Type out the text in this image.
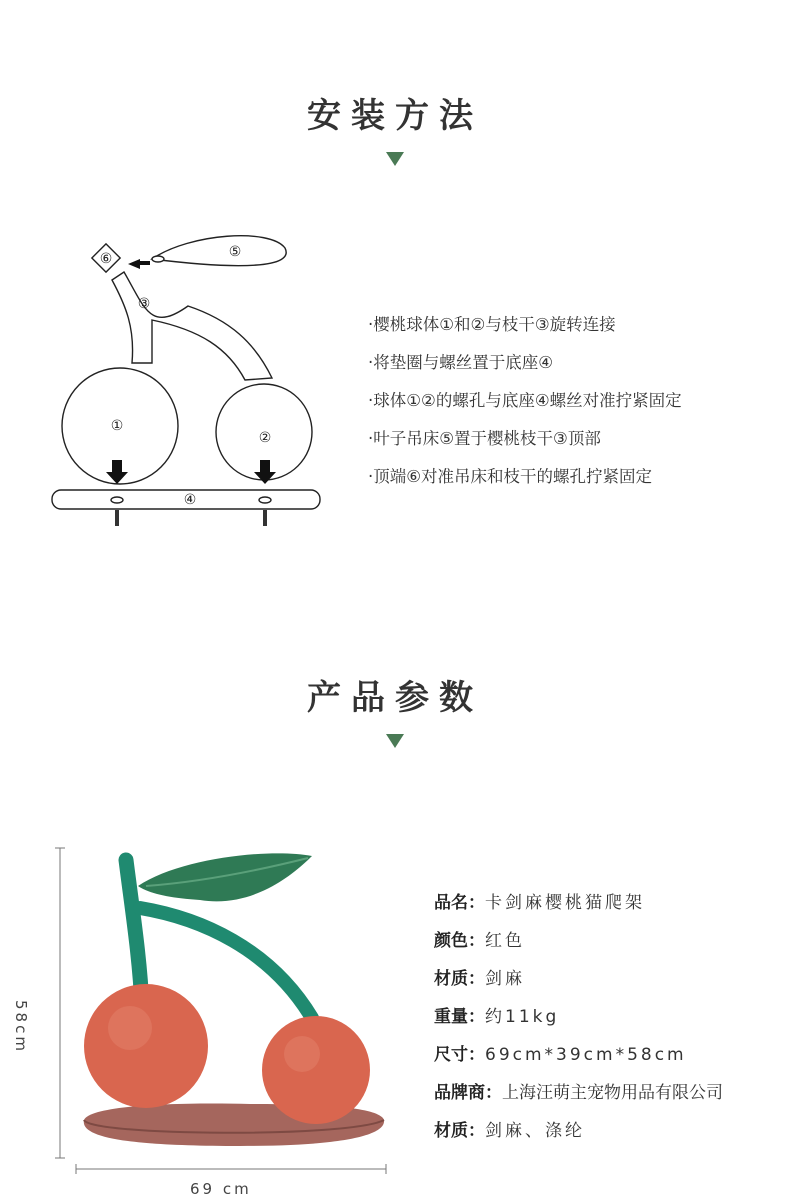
安装方法
⑤
⑥
③
①
②
④
·樱桃球体①和②与枝干③旋转连接
·将垫圈与螺丝置于底座④
·球体①②的螺孔与底座④螺丝对准拧紧固定
·叶子吊床⑤置于樱桃枝干③顶部
·顶端⑥对准吊床和枝干的螺孔拧紧固定
产品参数
58cm
69 cm
品名：卡剑麻樱桃猫爬架
颜色：红色
材质：剑麻
重量：约11kg
尺寸：69cm*39cm*58cm
品牌商：上海汪萌主宠物用品有限公司
材质：剑麻、涤纶
